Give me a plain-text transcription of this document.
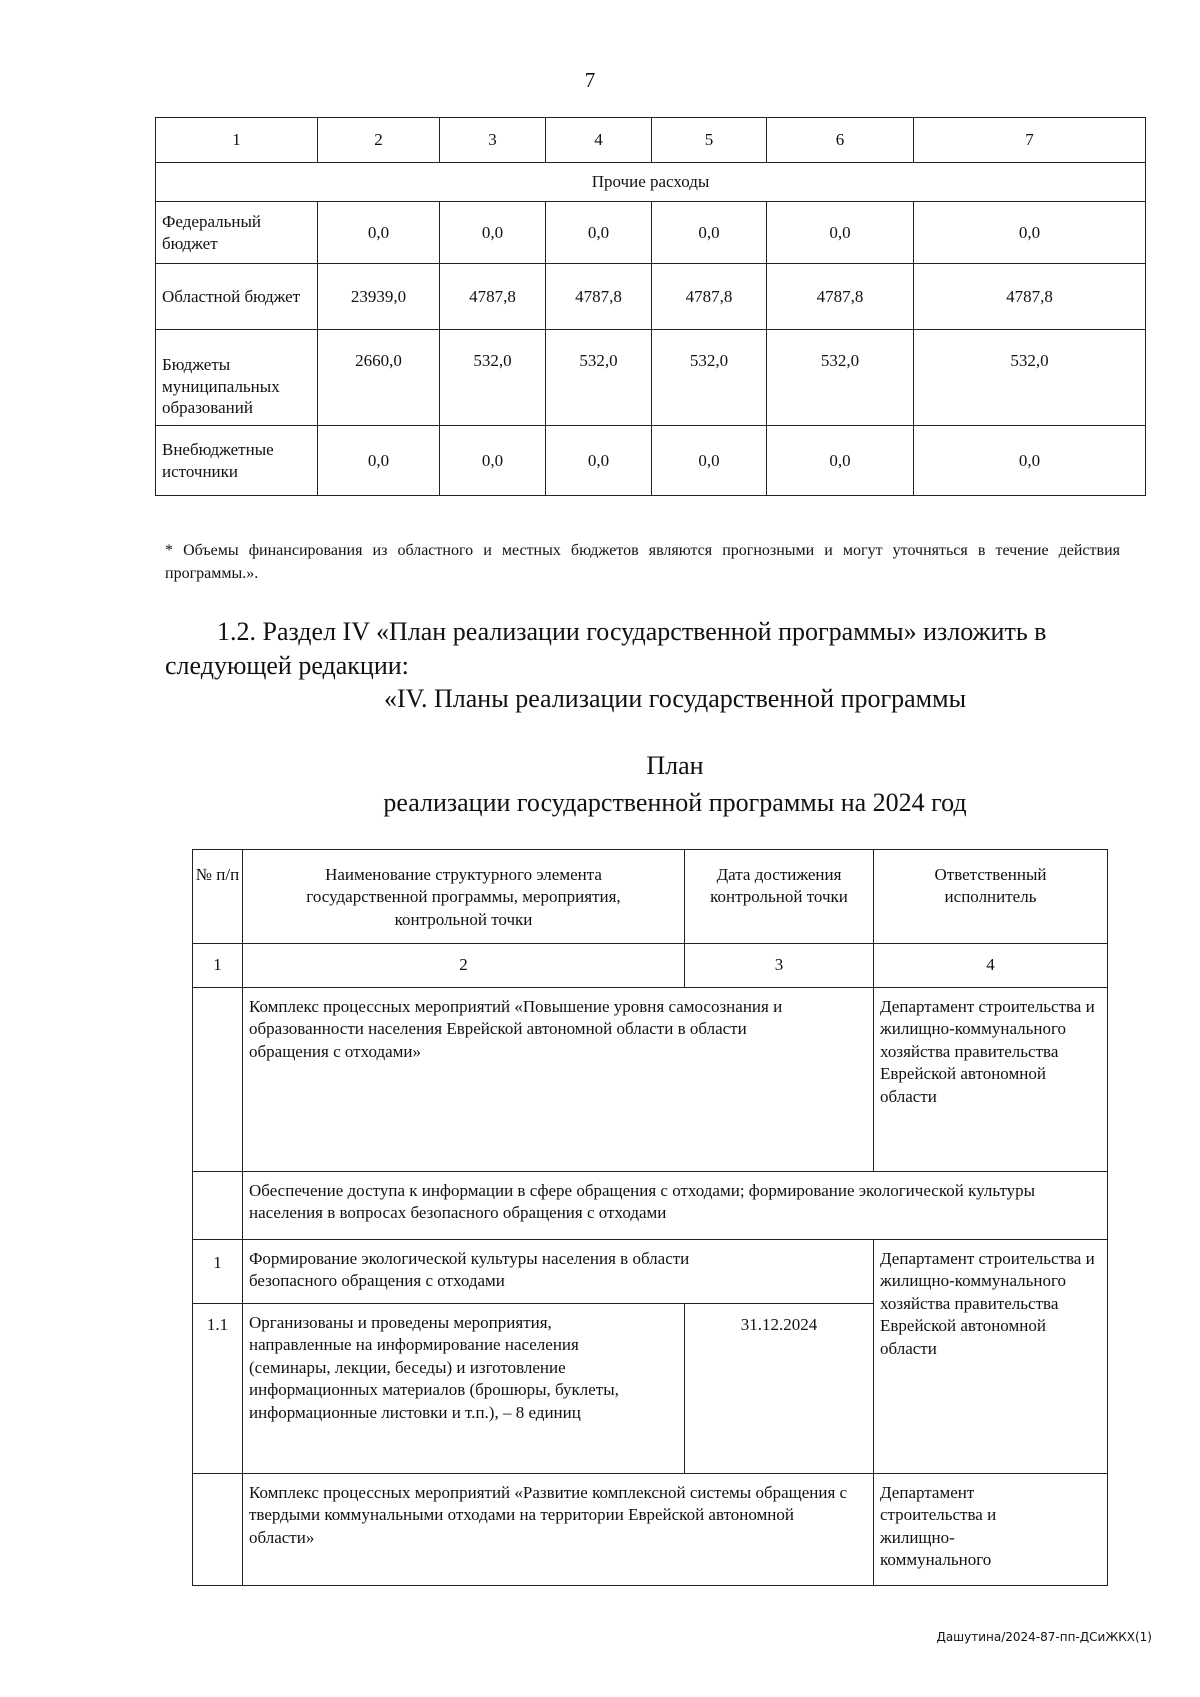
7
1	2	3	4	5	6	7
Прочие расходы						
Федеральный бюджет	0,0	0,0	0,0	0,0	0,0	0,0
Областной бюджет	23939,0	4787,8	4787,8	4787,8	4787,8	4787,8
Бюджеты муниципальных образований	2660,0	532,0	532,0	532,0	532,0	532,0
Внебюджетные источники	0,0	0,0	0,0	0,0	0,0	0,0
* Объемы финансирования из областного и местных бюджетов являются прогнозными и могут уточняться в течение действия программы.».
1.2. Раздел IV «План реализации государственной программы» изложить в следующей редакции:
«IV. Планы реализации государственной программы
План
реализации государственной программы на 2024 год
№ п/п	Наименование структурного элемента государственной программы, мероприятия, контрольной точки	Дата достижения контрольной точки	Ответственный исполнитель
1	2	3	4
	Комплекс процессных мероприятий «Повышение уровня самосознания и образованности населения Еврейской автономной области в области обращения с отходами»		Департамент строительства и жилищно-коммунального хозяйства правительства Еврейской автономной области
	Обеспечение доступа к информации в сфере обращения с отходами; формирование экологической культуры населения в вопросах безопасного обращения с отходами		
1	Формирование экологической культуры населения в области безопасного обращения с отходами		Департамент строительства и жилищно-коммунального хозяйства правительства Еврейской автономной области
1.1	Организованы и проведены мероприятия, направленные на информирование населения (семинары, лекции, беседы) и изготовление информационных материалов (брошюры, буклеты, информационные листовки и т.п.), – 8 единиц	31.12.2024	
	Комплекс процессных мероприятий «Развитие комплексной системы обращения с твердыми коммунальными отходами на территории Еврейской автономной области»		Департамент строительства и жилищно-коммунального
Дашутина/2024-87-пп-ДСиЖКХ(1)
